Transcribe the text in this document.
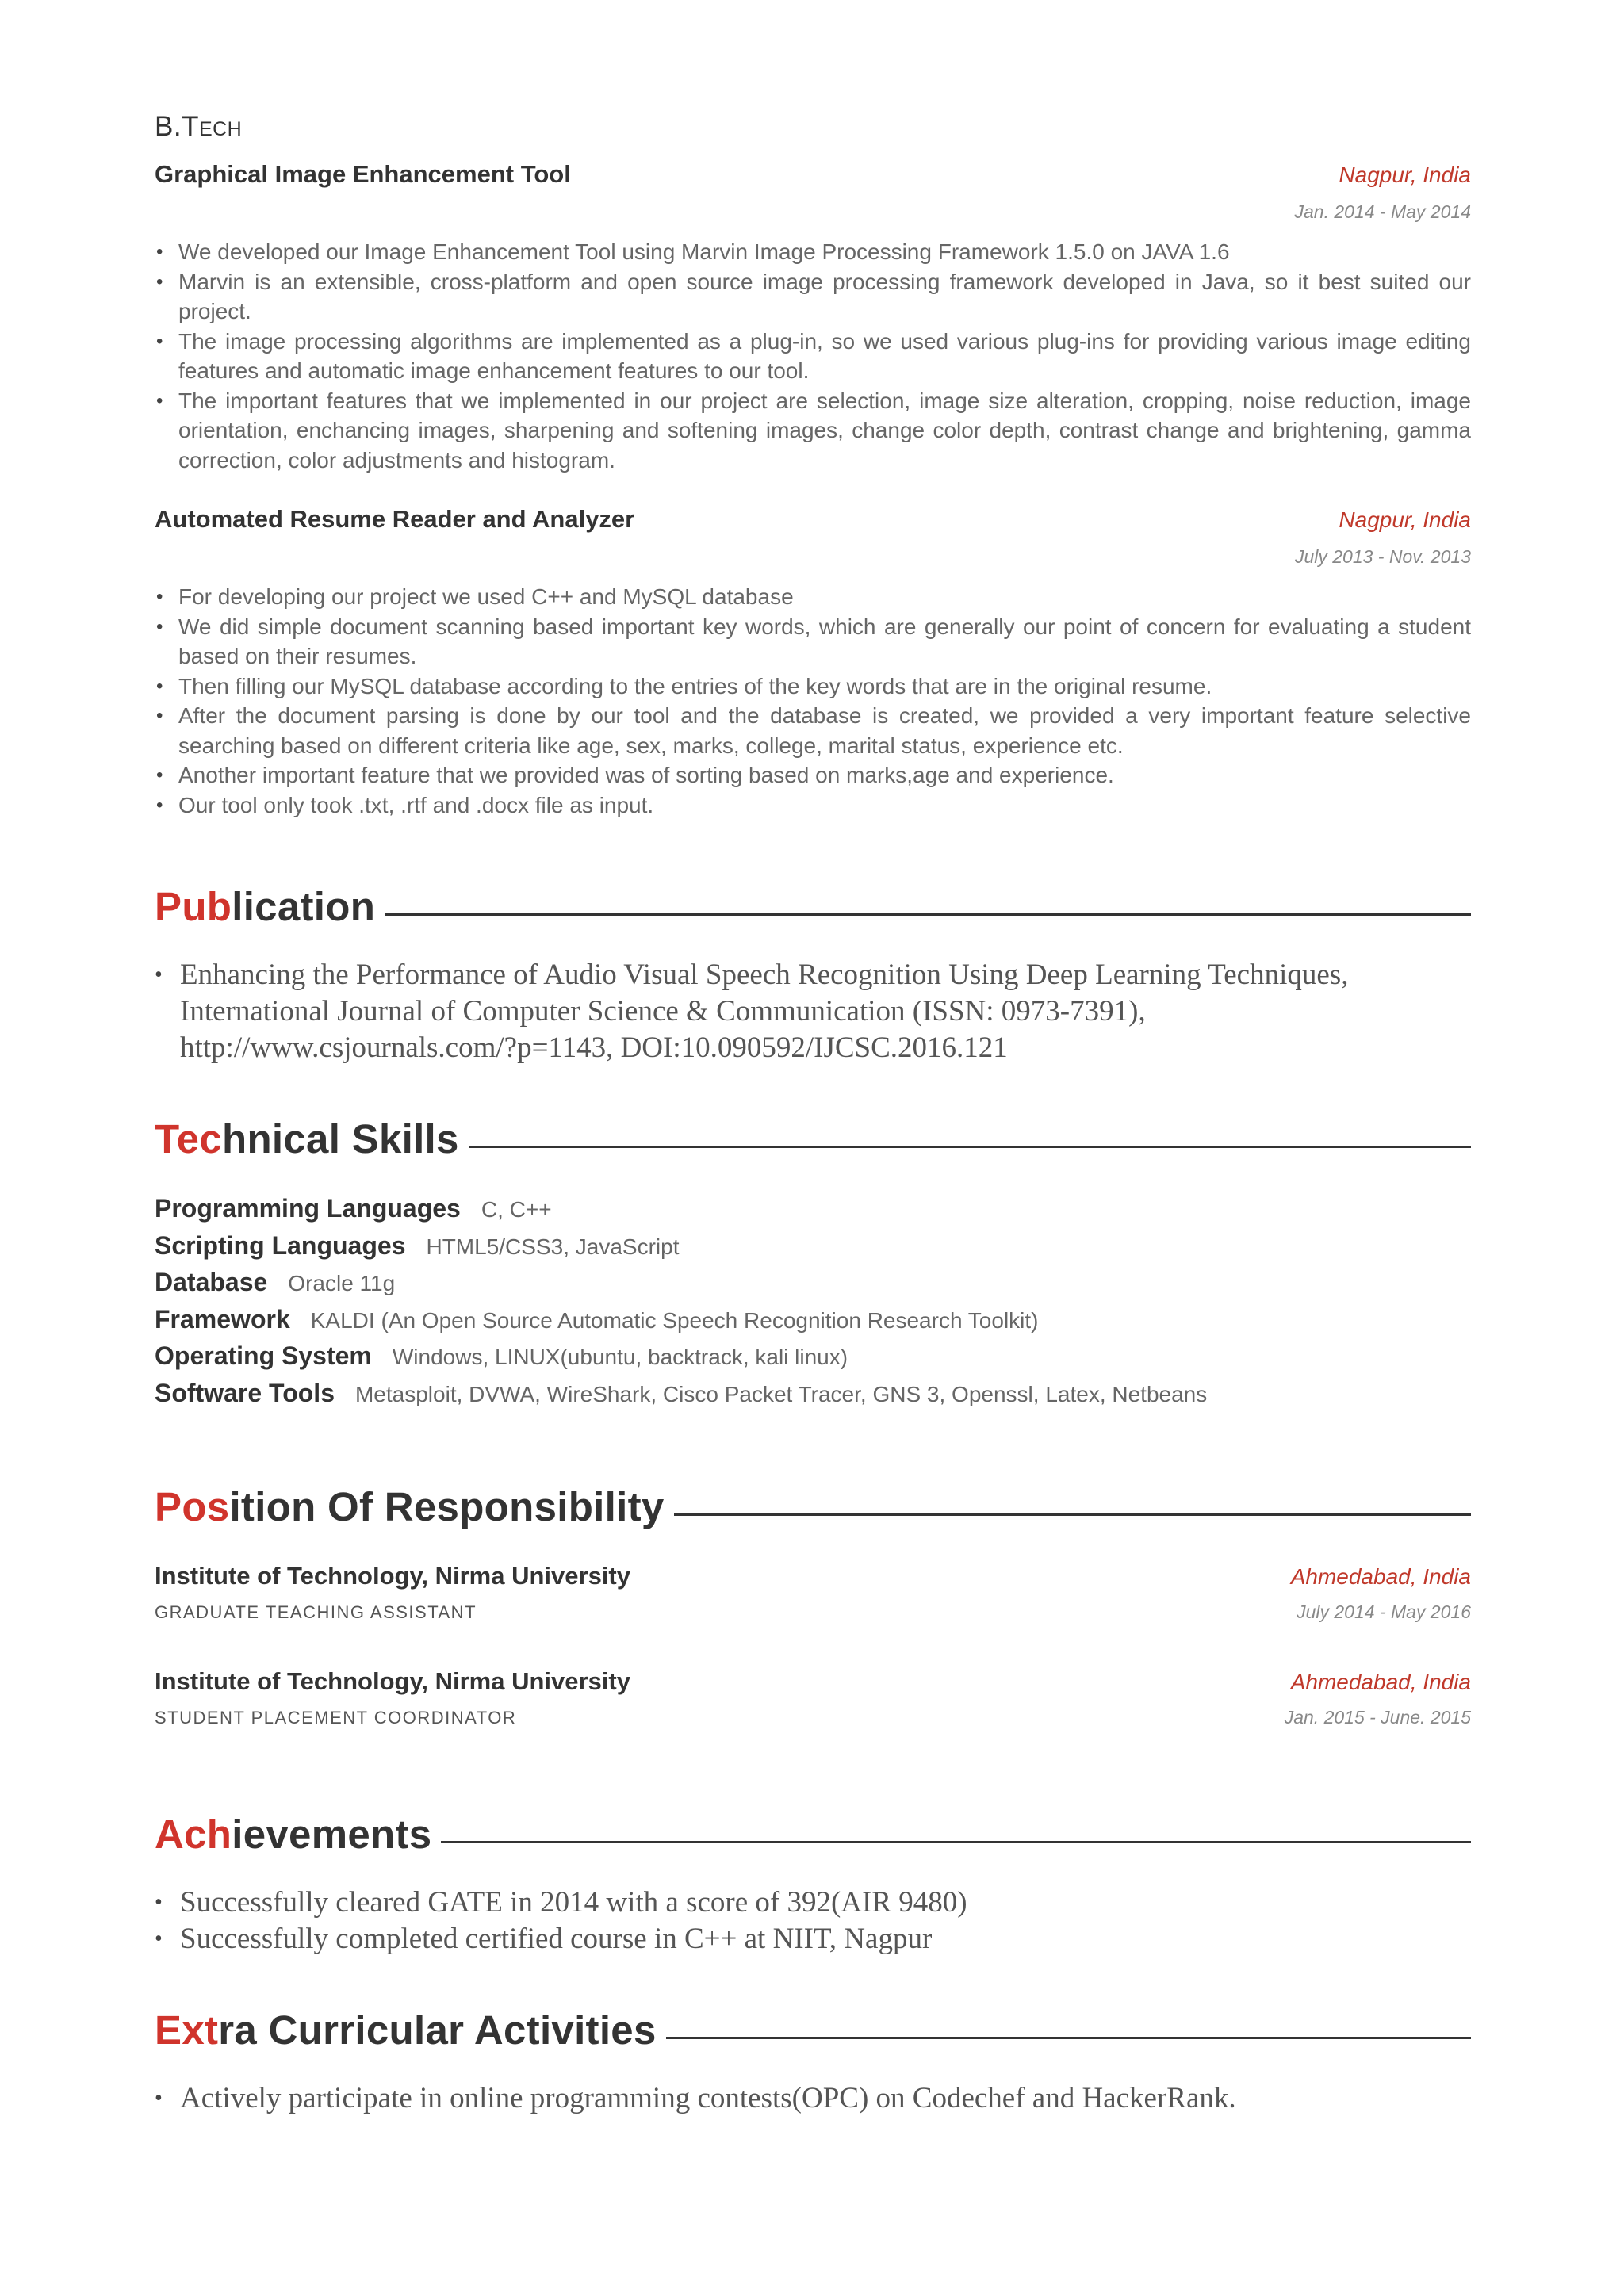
B.Tech
Graphical Image Enhancement Tool	Nagpur, India
Jan. 2014 - May 2014
• We developed our Image Enhancement Tool using Marvin Image Processing Framework 1.5.0 on JAVA 1.6
• Marvin is an extensible, cross-platform and open source image processing framework developed in Java, so it best suited our project.
• The image processing algorithms are implemented as a plug-in, so we used various plug-ins for providing various image editing features and automatic image enhancement features to our tool.
• The important features that we implemented in our project are selection, image size alteration, cropping, noise reduction, image orientation, enchancing images, sharpening and softening images, change color depth, contrast change and brightening, gamma correction, color adjustments and histogram.
Automated Resume Reader and Analyzer	Nagpur, India
July 2013 - Nov. 2013
• For developing our project we used C++ and MySQL database
• We did simple document scanning based important key words, which are generally our point of concern for evaluating a student based on their resumes.
• Then filling our MySQL database according to the entries of the key words that are in the original resume.
• After the document parsing is done by our tool and the database is created, we provided a very important feature selective searching based on different criteria like age, sex, marks, college, marital status, experience etc.
• Another important feature that we provided was of sorting based on marks,age and experience.
• Our tool only took .txt, .rtf and .docx file as input.
Publication
• Enhancing the Performance of Audio Visual Speech Recognition Using Deep Learning Techniques, International Journal of Computer Science & Communication (ISSN: 0973-7391), http://www.csjournals.com/?p=1143, DOI:10.090592/IJCSC.2016.121
Technical Skills
Programming Languages C, C++
Scripting Languages HTML5/CSS3, JavaScript
Database Oracle 11g
Framework KALDI (An Open Source Automatic Speech Recognition Research Toolkit)
Operating System Windows, LINUX(ubuntu, backtrack, kali linux)
Software Tools Metasploit, DVWA, WireShark, Cisco Packet Tracer, GNS 3, Openssl, Latex, Netbeans
Position Of Responsibility
Institute of Technology, Nirma University	Ahmedabad, India
GRADUATE TEACHING ASSISTANT	July 2014 - May 2016
Institute of Technology, Nirma University	Ahmedabad, India
STUDENT PLACEMENT COORDINATOR	Jan. 2015 - June. 2015
Achievements
• Successfully cleared GATE in 2014 with a score of 392(AIR 9480)
• Successfully completed certified course in C++ at NIIT, Nagpur
Extra Curricular Activities
• Actively participate in online programming contests(OPC) on Codechef and HackerRank.
